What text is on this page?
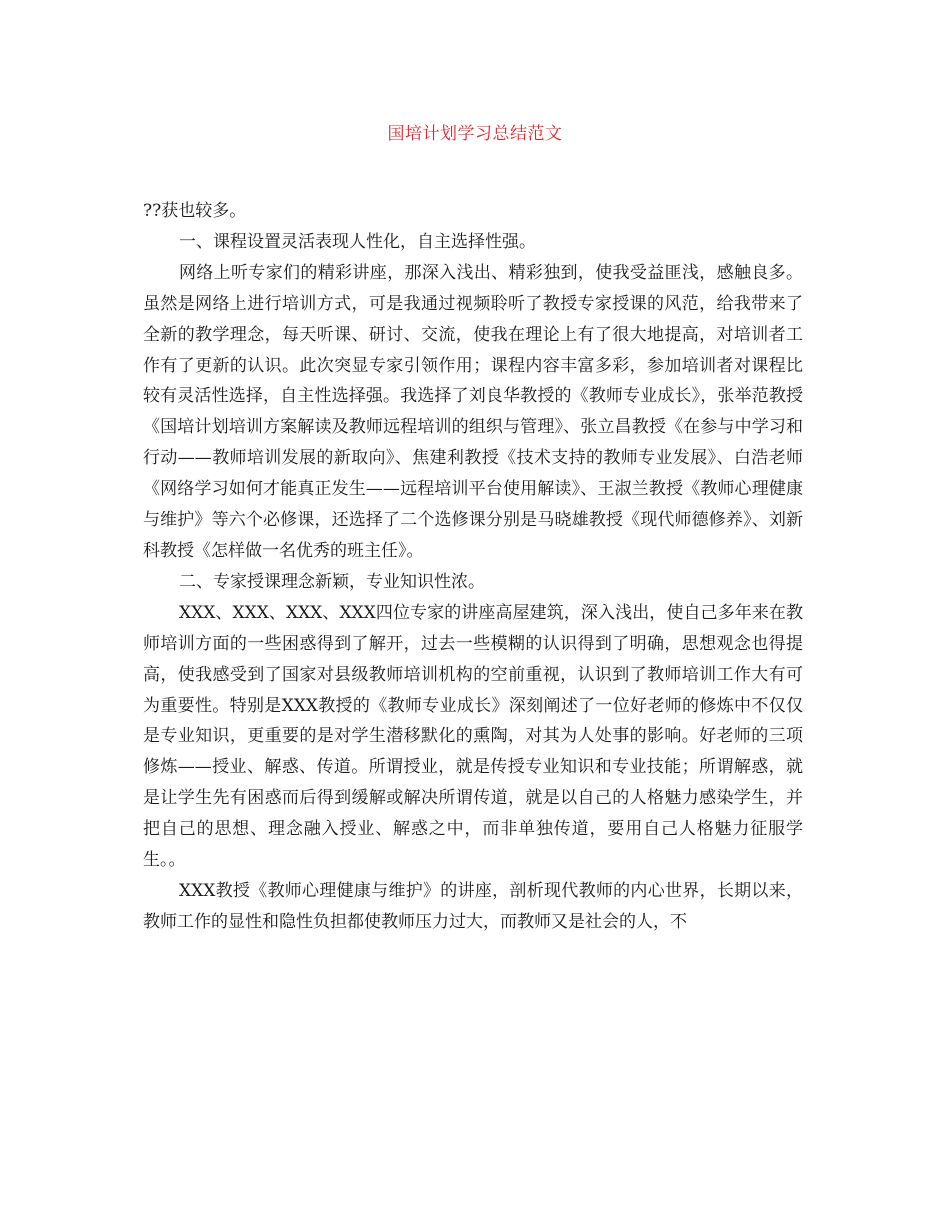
国培计划学习总结范文

??获也较多。

一、课程设置灵活表现人性化，自主选择性强。

网络上听专家们的精彩讲座，那深入浅出、精彩独到，使我受益匪浅，感触良多。虽然是网络上进行培训方式，可是我通过视频聆听了教授专家授课的风范，给我带来了全新的教学理念，每天听课、研讨、交流，使我在理论上有了很大地提高，对培训者工作有了更新的认识。此次突显专家引领作用；课程内容丰富多彩，参加培训者对课程比较有灵活性选择，自主性选择强。我选择了刘良华教授的《教师专业成长》，张举范教授《国培计划培训方案解读及教师远程培训的组织与管理》、张立昌教授《在参与中学习和行动——教师培训发展的新取向》、焦建利教授《技术支持的教师专业发展》、白浩老师《网络学习如何才能真正发生——远程培训平台使用解读》、王淑兰教授《教师心理健康与维护》等六个必修课，还选择了二个选修课分别是马晓雄教授《现代师德修养》、刘新科教授《怎样做一名优秀的班主任》。

二、专家授课理念新颖，专业知识性浓。

XXX、XXX、XXX、XXX四位专家的讲座高屋建筑，深入浅出，使自己多年来在教师培训方面的一些困惑得到了解开，过去一些模糊的认识得到了明确，思想观念也得提高，使我感受到了国家对县级教师培训机构的空前重视，认识到了教师培训工作大有可为重要性。特别是XXX教授的《教师专业成长》深刻阐述了一位好老师的修炼中不仅仅是专业知识，更重要的是对学生潜移默化的熏陶，对其为人处事的影响。好老师的三项修炼——授业、解惑、传道。所谓授业，就是传授专业知识和专业技能；所谓解惑，就是让学生先有困惑而后得到缓解或解决所谓传道，就是以自己的人格魅力感染学生，并把自己的思想、理念融入授业、解惑之中，而非单独传道，要用自己人格魅力征服学生。。

XXX教授《教师心理健康与维护》的讲座，剖析现代教师的内心世界，长期以来，教师工作的显性和隐性负担都使教师压力过大，而教师又是社会的人，不
